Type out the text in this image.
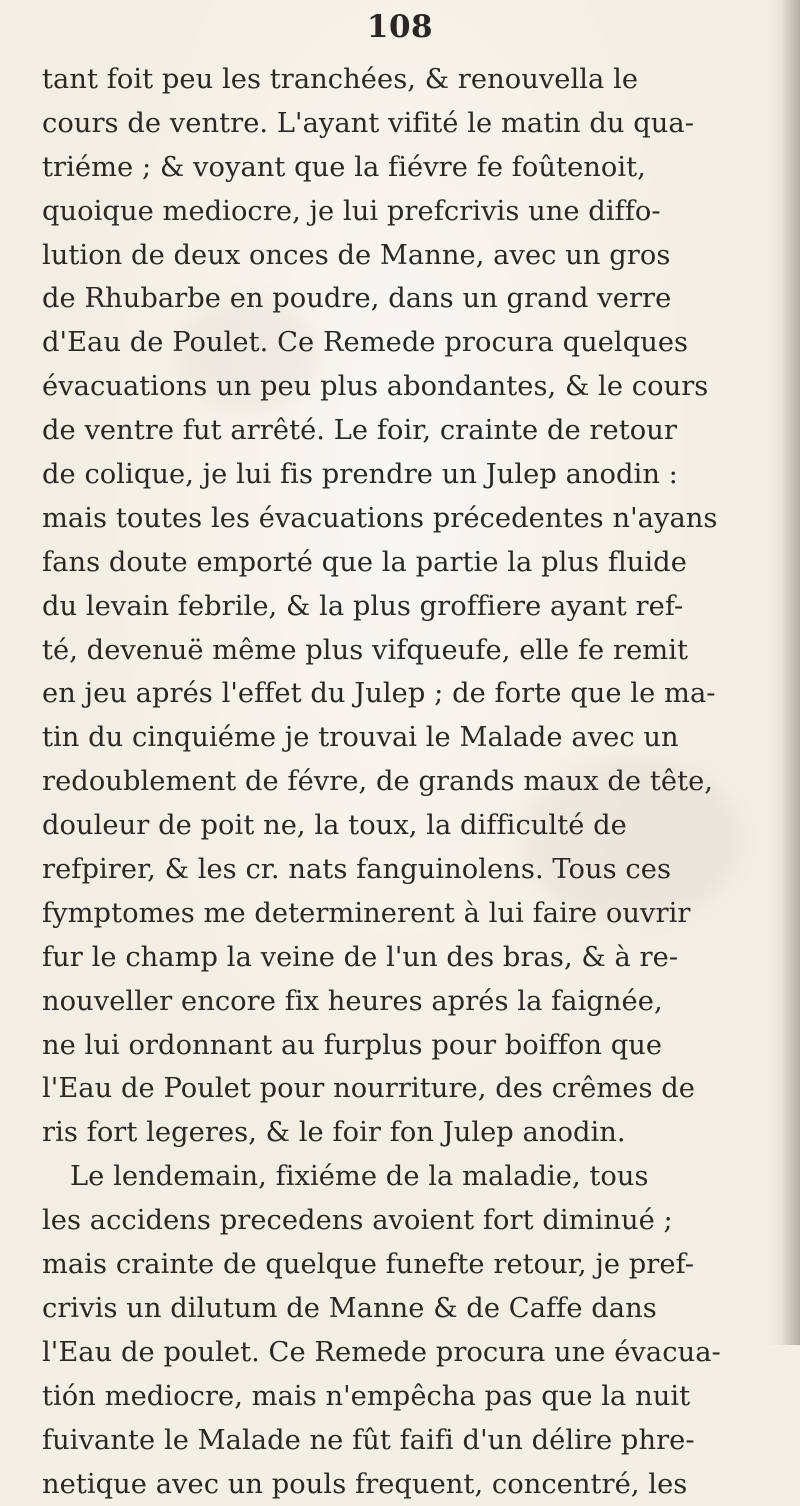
108
tant foit peu les tranchées, & renouvella le
cours de ventre. L'ayant vifité le matin du qua-
triéme ; & voyant que la fiévre fe foûtenoit,
quoique mediocre, je lui prefcrivis une diffo-
lution de deux onces de Manne, avec un gros
de Rhubarbe en poudre, dans un grand verre
d'Eau de Poulet. Ce Remede procura quelques
évacuations un peu plus abondantes, & le cours
de ventre fut arrêté. Le foir, crainte de retour
de colique, je lui fis prendre un Julep anodin :
mais toutes les évacuations précedentes n'ayans
fans doute emporté que la partie la plus fluide
du levain febrile, & la plus groffiere ayant ref-
té, devenuë même plus vifqueufe, elle fe remit
en jeu aprés l'effet du Julep ; de forte que le ma-
tin du cinquiéme je trouvai le Malade avec un
redoublement de févre, de grands maux de tête,
douleur de poit ne, la toux, la difficulté de
refpirer, & les cr. nats fanguinolens. Tous ces
fymptomes me determinerent à lui faire ouvrir
fur le champ la veine de l'un des bras, & à re-
nouveller encore fix heures aprés la faignée,
ne lui ordonnant au furplus pour boiffon que
l'Eau de Poulet pour nourriture, des crêmes de
ris fort legeres, & le foir fon Julep anodin.
Le lendemain, fixiéme de la maladie, tous
les accidens precedens avoient fort diminué ;
mais crainte de quelque funefte retour, je pref-
crivis un dilutum de Manne & de Caffe dans
l'Eau de poulet. Ce Remede procura une évacua-
tión mediocre, mais n'empêcha pas que la nuit
fuivante le Malade ne fût faifi d'un délire phre-
netique avec un pouls frequent, concentré, les
